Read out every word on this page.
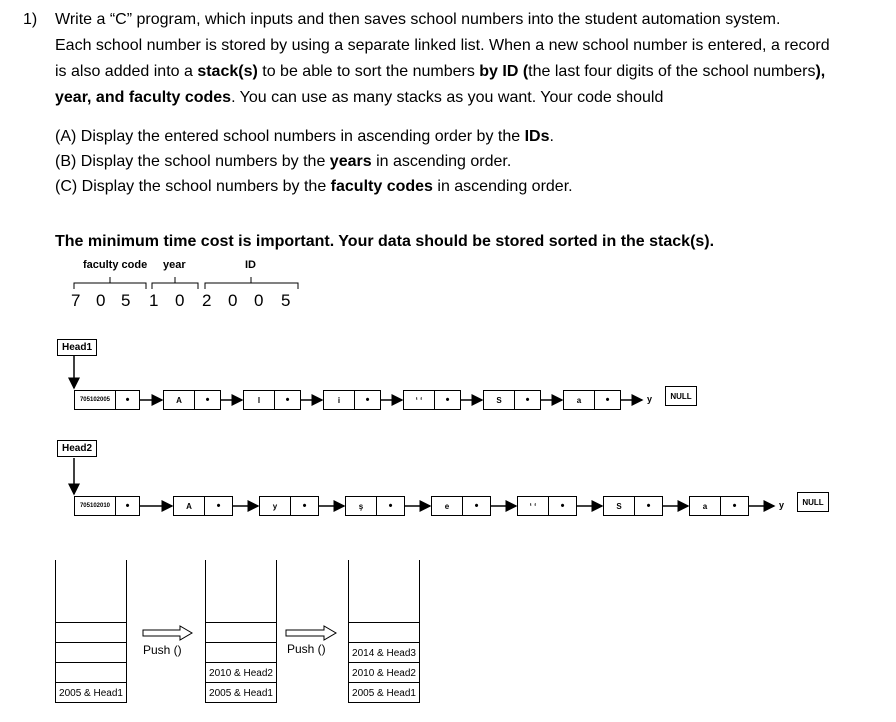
1) Write a “C” program, which inputs and then saves school numbers into the student automation system.
Each school number is stored by using a separate linked list. When a new school number is entered, a record
is also added into a stack(s) to be able to sort the numbers by ID (the last four digits of the school numbers),
year, and faculty codes. You can use as many stacks as you want. Your code should
(A) Display the entered school numbers in ascending order by the IDs.
(B) Display the school numbers by the years in ascending order.
(C) Display the school numbers by the faculty codes in ascending order.
The minimum time cost is important. Your data should be stored sorted in the stack(s).
faculty code year	ID
7 0 5 1 0 2 0 0 5
Head1
705102005	•	A	•	l	•	i	•	‘ ‘	•	S	•	a	•	y	NULL
Head2
705102010	•	A	•	y	•	ş	•	e	•	‘ ‘	•	S	•	a	•	y	NULL
2005 & Head1	2005 & Head1
2010 & Head2
2005 & Head1
2010 & Head2
2014 & Head3
Push ()	Push ()
